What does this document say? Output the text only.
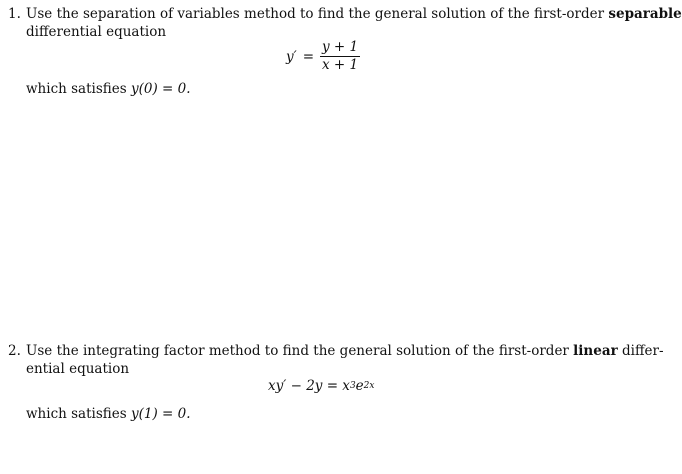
1. Use the separation of variables method to find the general solution of the first-order separable
differential equation
$y' = \frac{y + 1}{x + 1}$
which satisfies y(0) = 0.
2. Use the integrating factor method to find the general solution of the first-order linear differ-
ential equation
xy′ − 2y = x 3 e 2x
which satisfies y(1) = 0.
